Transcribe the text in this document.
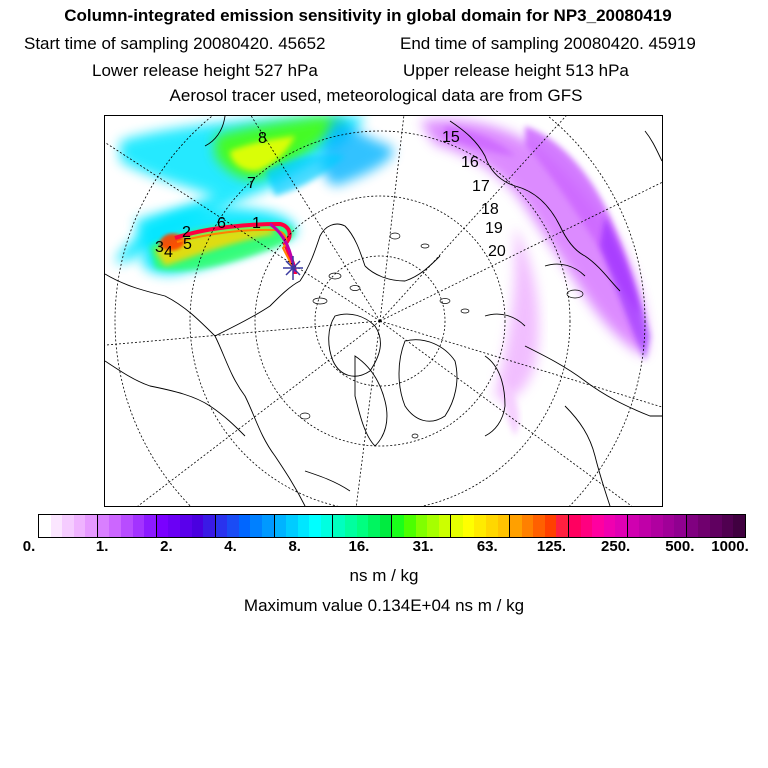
Column-integrated emission sensitivity in global domain for NP3_20080419
Start time of sampling 20080420. 45652	End time of sampling 20080420. 45919
Lower release height 527 hPa	Upper release height 513 hPa
Aerosol tracer used, meteorological data are from GFS
8
7
6 1
2
5
3 4
15
16
17
18
19
20
0.	1.	2.	4.	8.	16.	31.	63.	125. 250. 500. 1000.
ns m / kg
Maximum value 0.134E+04 ns m / kg
